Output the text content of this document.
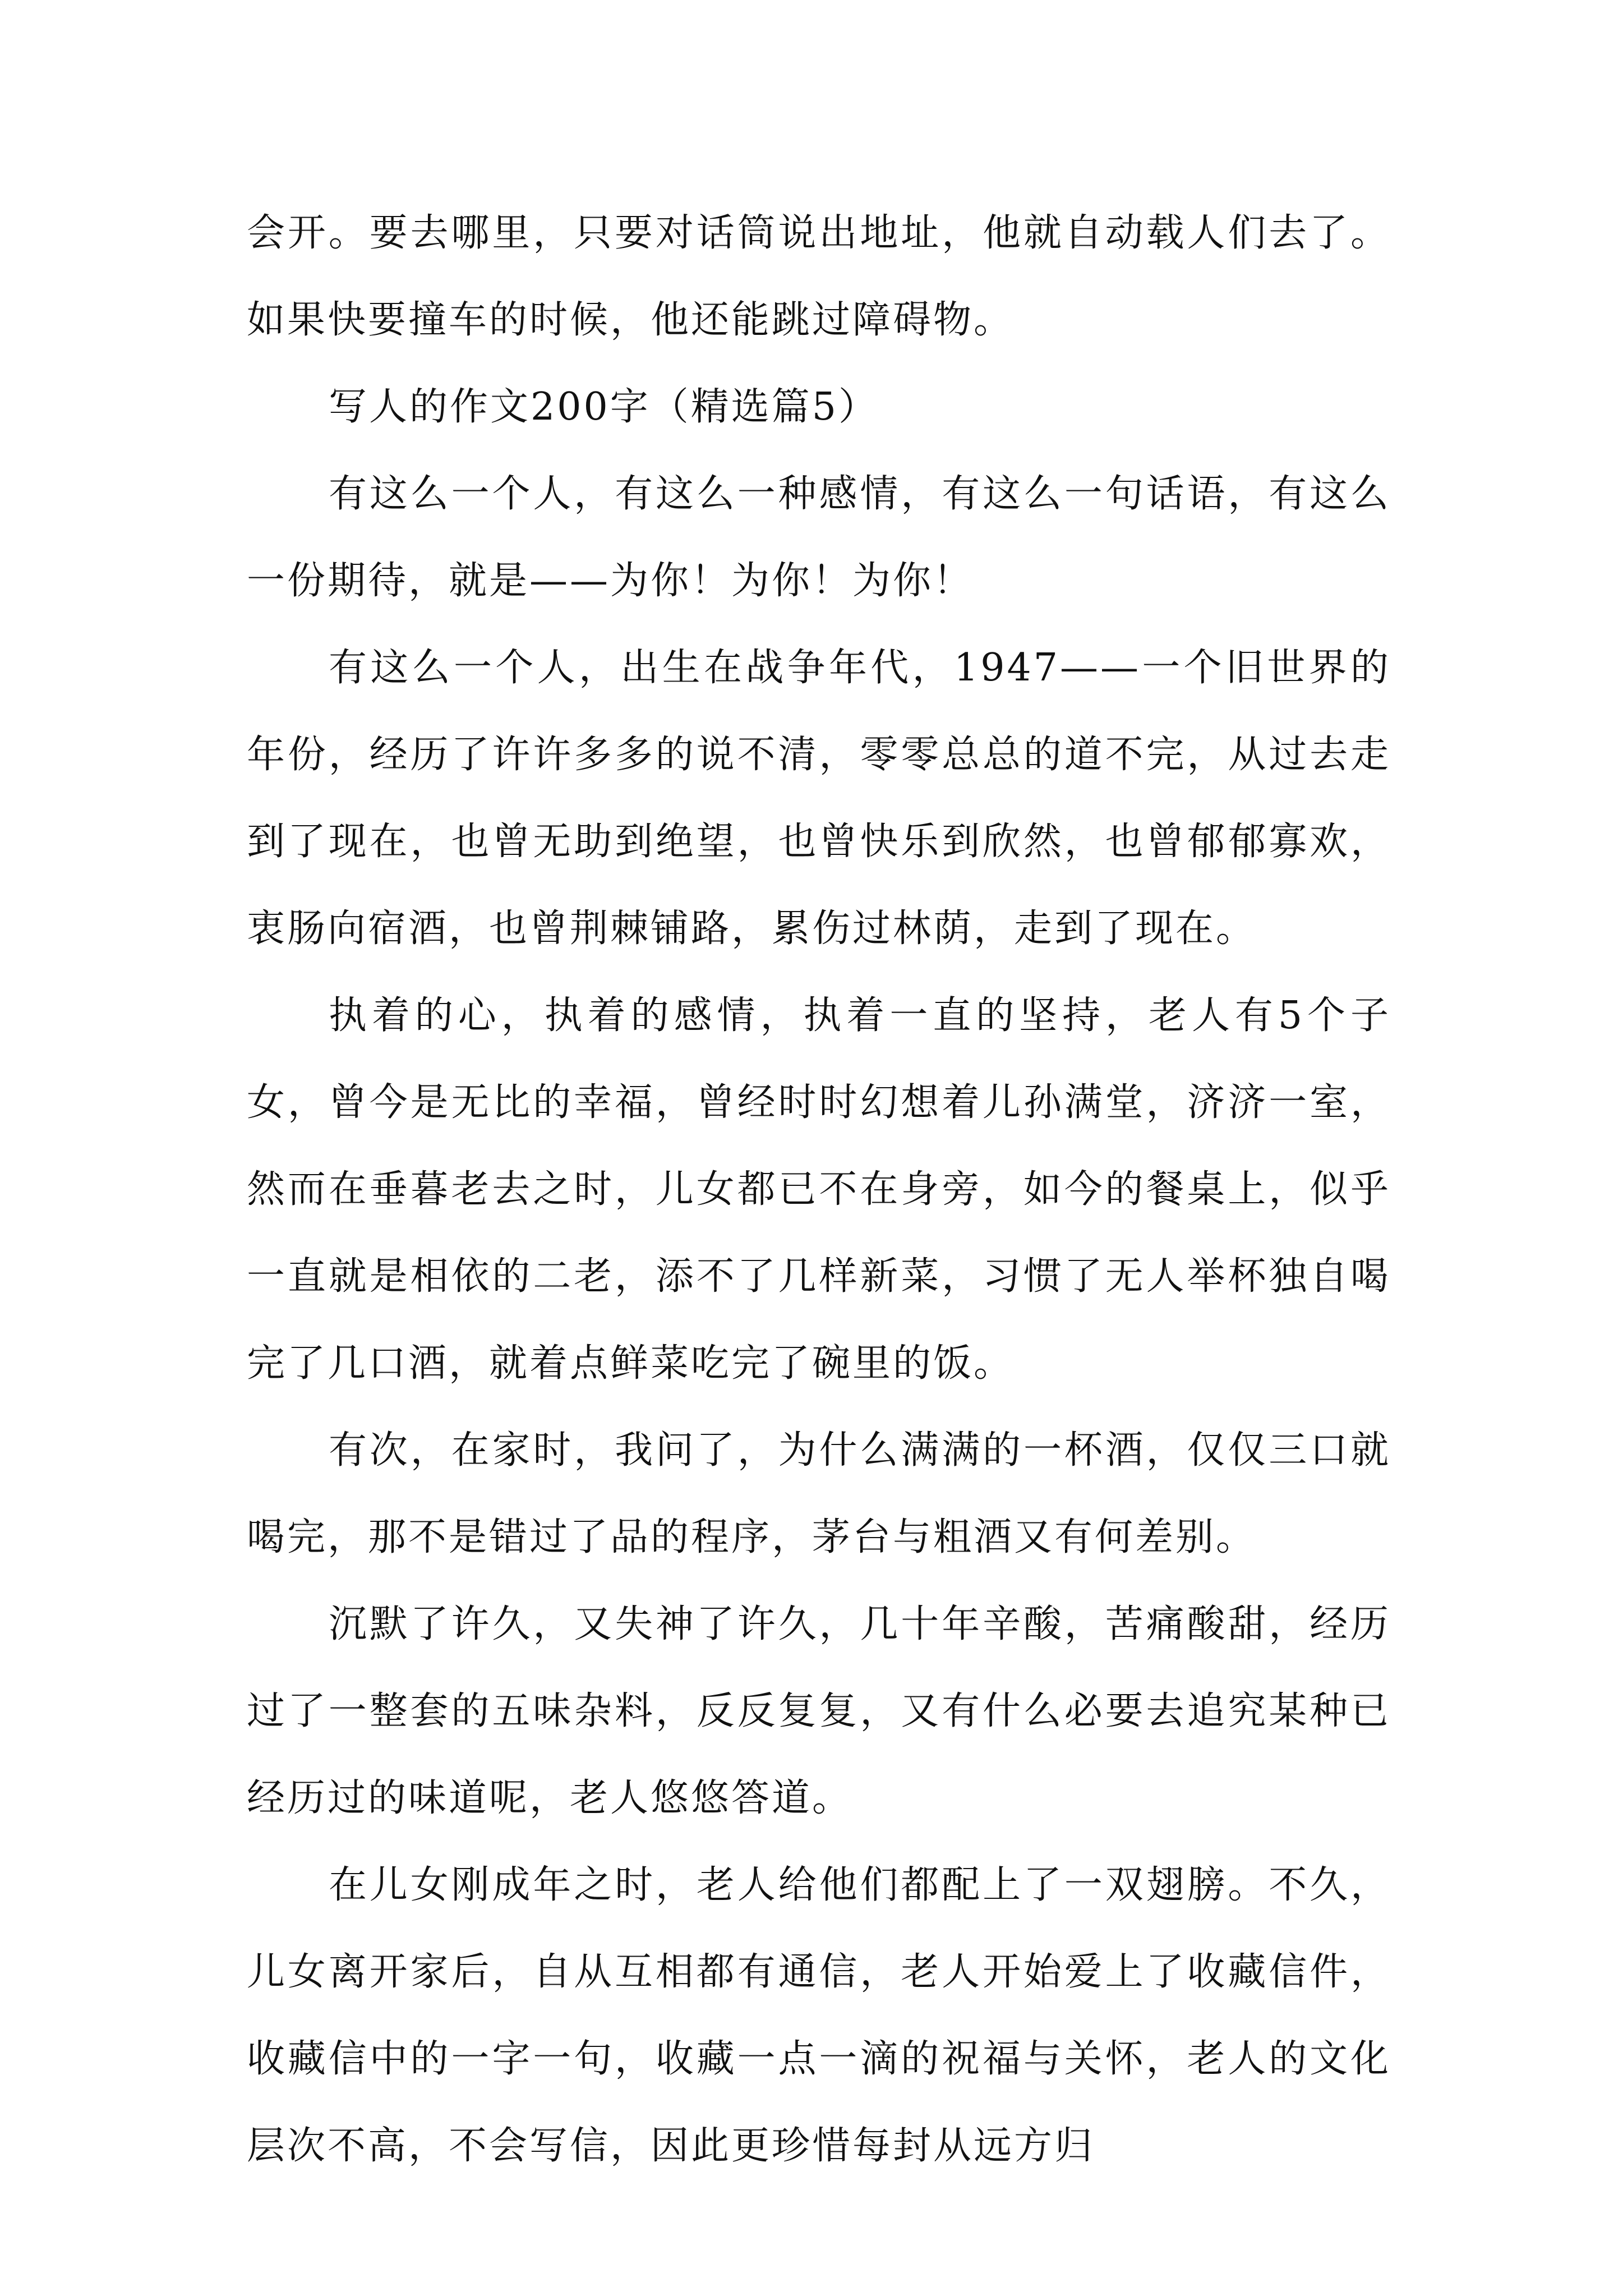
会开。要去哪里，只要对话筒说出地址，他就自动载人们去了。如果快要撞车的时候，他还能跳过障碍物。

写人的作文200字（精选篇5）

有这么一个人，有这么一种感情，有这么一句话语，有这么一份期待，就是——为你！为你！为你！

有这么一个人，出生在战争年代，1947——一个旧世界的年份，经历了许许多多的说不清，零零总总的道不完，从过去走到了现在，也曾无助到绝望，也曾快乐到欣然，也曾郁郁寡欢，衷肠向宿酒，也曾荆棘铺路，累伤过林荫，走到了现在。

执着的心，执着的感情，执着一直的坚持，老人有5个子女，曾今是无比的幸福，曾经时时幻想着儿孙满堂，济济一室，然而在垂暮老去之时，儿女都已不在身旁，如今的餐桌上，似乎一直就是相依的二老，添不了几样新菜，习惯了无人举杯独自喝完了几口酒，就着点鲜菜吃完了碗里的饭。

有次，在家时，我问了，为什么满满的一杯酒，仅仅三口就喝完，那不是错过了品的程序，茅台与粗酒又有何差别。

沉默了许久，又失神了许久，几十年辛酸，苦痛酸甜，经历过了一整套的五味杂料，反反复复，又有什么必要去追究某种已经历过的味道呢，老人悠悠答道。

在儿女刚成年之时，老人给他们都配上了一双翅膀。不久，儿女离开家后，自从互相都有通信，老人开始爱上了收藏信件，收藏信中的一字一句，收藏一点一滴的祝福与关怀，老人的文化层次不高，不会写信，因此更珍惜每封从远方归
